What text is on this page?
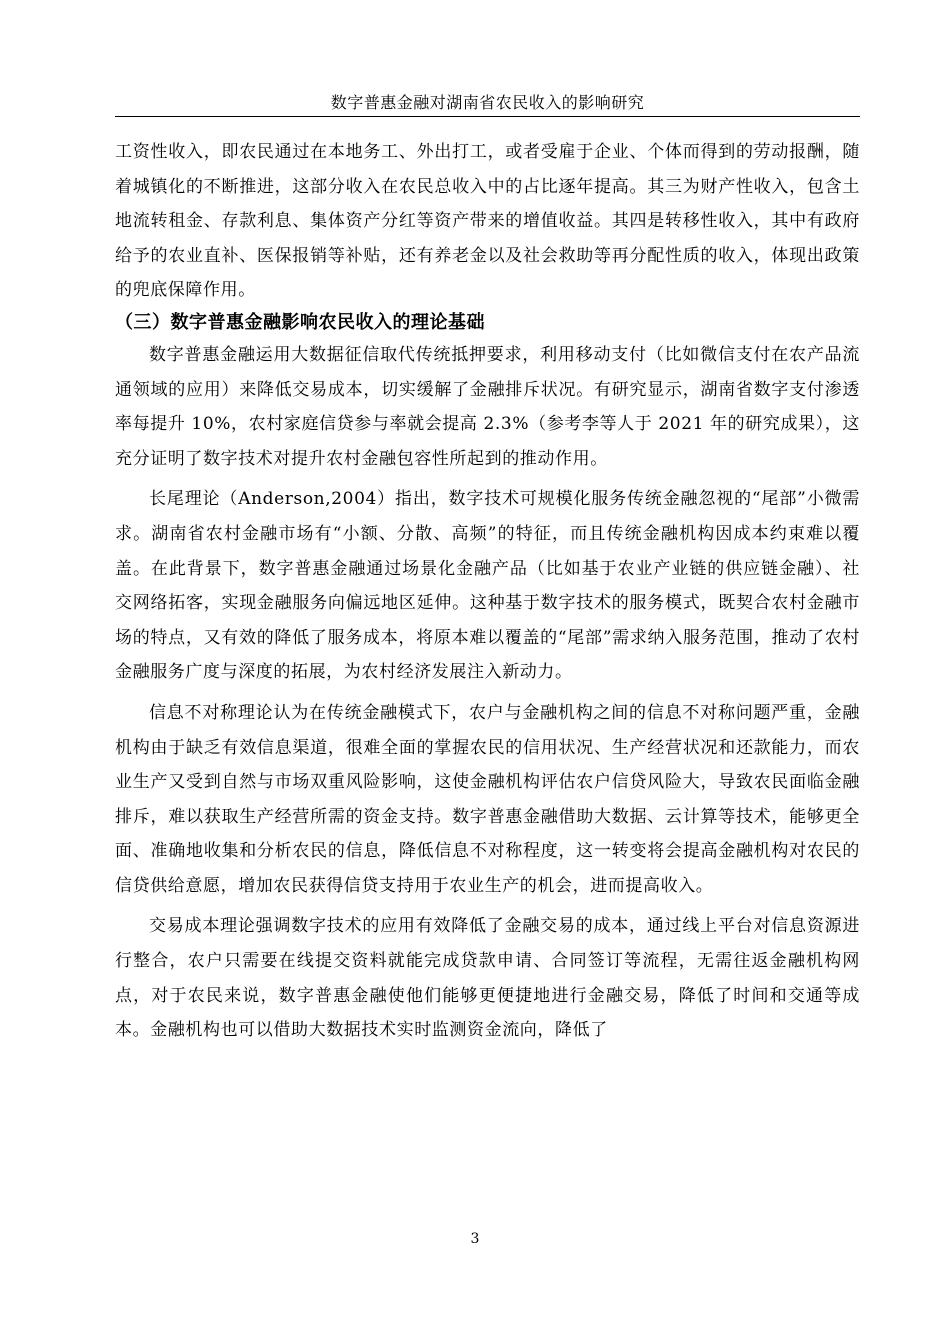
数字普惠金融对湖南省农民收入的影响研究

工资性收入，即农民通过在本地务工、外出打工，或者受雇于企业、个体而得到的劳动报酬，随着城镇化的不断推进，这部分收入在农民总收入中的占比逐年提高。其三为财产性收入，包含土地流转租金、存款利息、集体资产分红等资产带来的增值收益。其四是转移性收入，其中有政府给予的农业直补、医保报销等补贴，还有养老金以及社会救助等再分配性质的收入，体现出政策的兜底保障作用。

（三）数字普惠金融影响农民收入的理论基础

数字普惠金融运用大数据征信取代传统抵押要求，利用移动支付（比如微信支付在农产品流通领域的应用）来降低交易成本，切实缓解了金融排斥状况。有研究显示，湖南省数字支付渗透率每提升 10%，农村家庭信贷参与率就会提高 2.3%（参考李等人于 2021 年的研究成果），这充分证明了数字技术对提升农村金融包容性所起到的推动作用。

长尾理论（Anderson,2004）指出，数字技术可规模化服务传统金融忽视的“尾部”小微需求。湖南省农村金融市场有“小额、分散、高频”的特征，而且传统金融机构因成本约束难以覆盖。在此背景下，数字普惠金融通过场景化金融产品（比如基于农业产业链的供应链金融）、社交网络拓客，实现金融服务向偏远地区延伸。这种基于数字技术的服务模式，既契合农村金融市场的特点，又有效的降低了服务成本，将原本难以覆盖的“尾部”需求纳入服务范围，推动了农村金融服务广度与深度的拓展，为农村经济发展注入新动力。

信息不对称理论认为在传统金融模式下，农户与金融机构之间的信息不对称问题严重，金融机构由于缺乏有效信息渠道，很难全面的掌握农民的信用状况、生产经营状况和还款能力，而农业生产又受到自然与市场双重风险影响，这使金融机构评估农户信贷风险大，导致农民面临金融排斥，难以获取生产经营所需的资金支持。数字普惠金融借助大数据、云计算等技术，能够更全面、准确地收集和分析农民的信息，降低信息不对称程度，这一转变将会提高金融机构对农民的信贷供给意愿，增加农民获得信贷支持用于农业生产的机会，进而提高收入。

交易成本理论强调数字技术的应用有效降低了金融交易的成本，通过线上平台对信息资源进行整合，农户只需要在线提交资料就能完成贷款申请、合同签订等流程，无需往返金融机构网点，对于农民来说，数字普惠金融使他们能够更便捷地进行金融交易，降低了时间和交通等成本。金融机构也可以借助大数据技术实时监测资金流向，降低了

3
